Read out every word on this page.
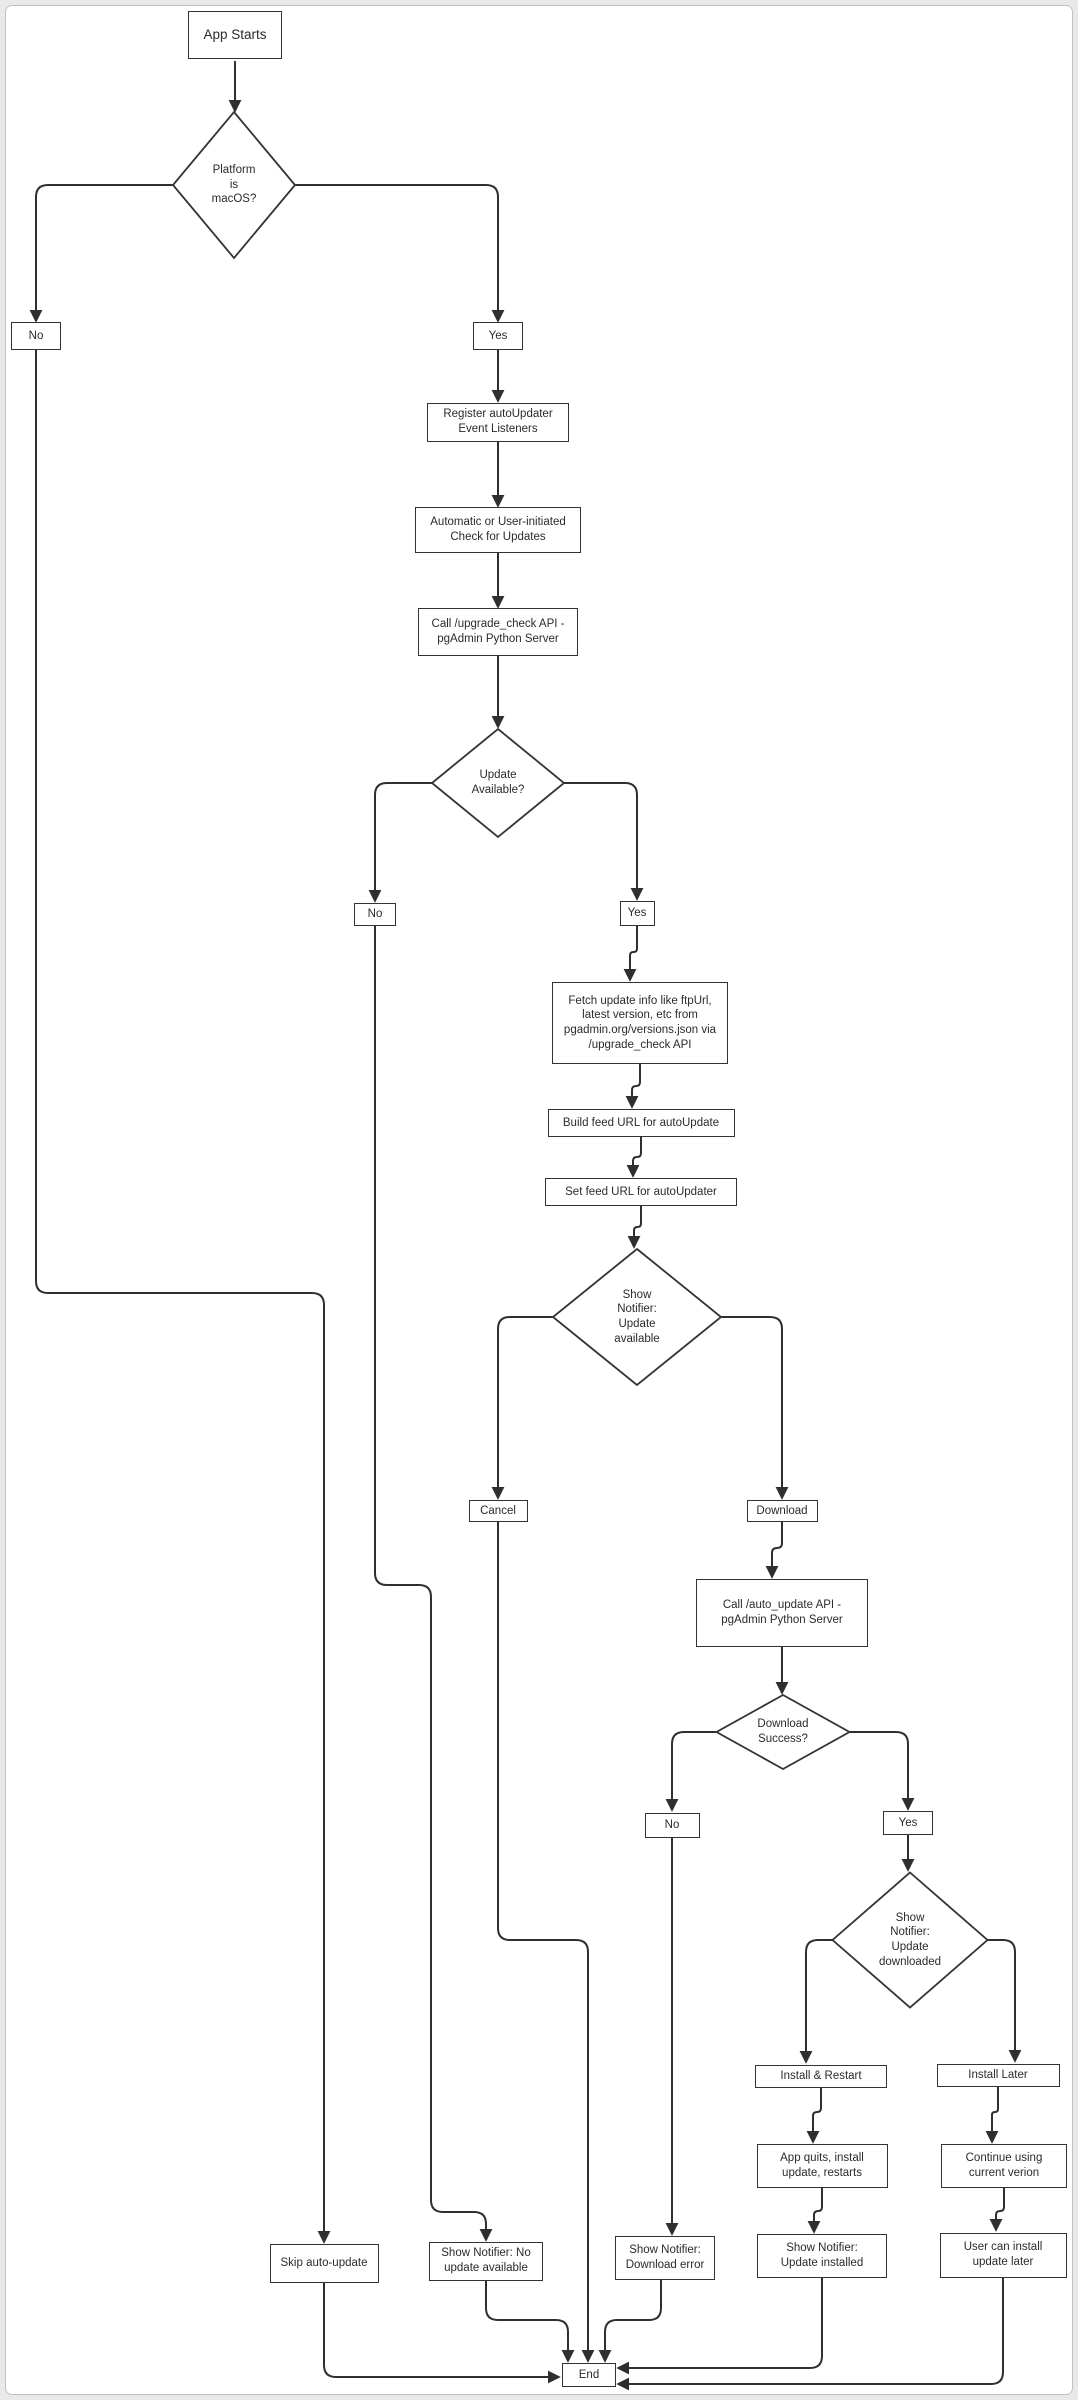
App Starts
Platform
is
macOS?
No	Yes
Register autoUpdater
Event Listeners
Automatic or User-initiated
Check for Updates
Call /upgrade_check API -
pgAdmin Python Server
Update
Available?
No	Yes
Fetch update info like ftpUrl,
latest version, etc from
pgadmin.org/versions.json via
/upgrade_check API
Build feed URL for autoUpdate
Set feed URL for autoUpdater
Show
Notifier:
Update
available
Cancel	Download
Call /auto_update API -
pgAdmin Python Server
Download
Success?
No	Yes
Show
Notifier:
Update
downloaded
Install & Restart	Install Later
App quits, install
update, restarts
Continue using
current verion
Show Notifier:
Update installed
User can install
update later
Skip auto-update
Show Notifier: No
update available
Show Notifier:
Download error
End
